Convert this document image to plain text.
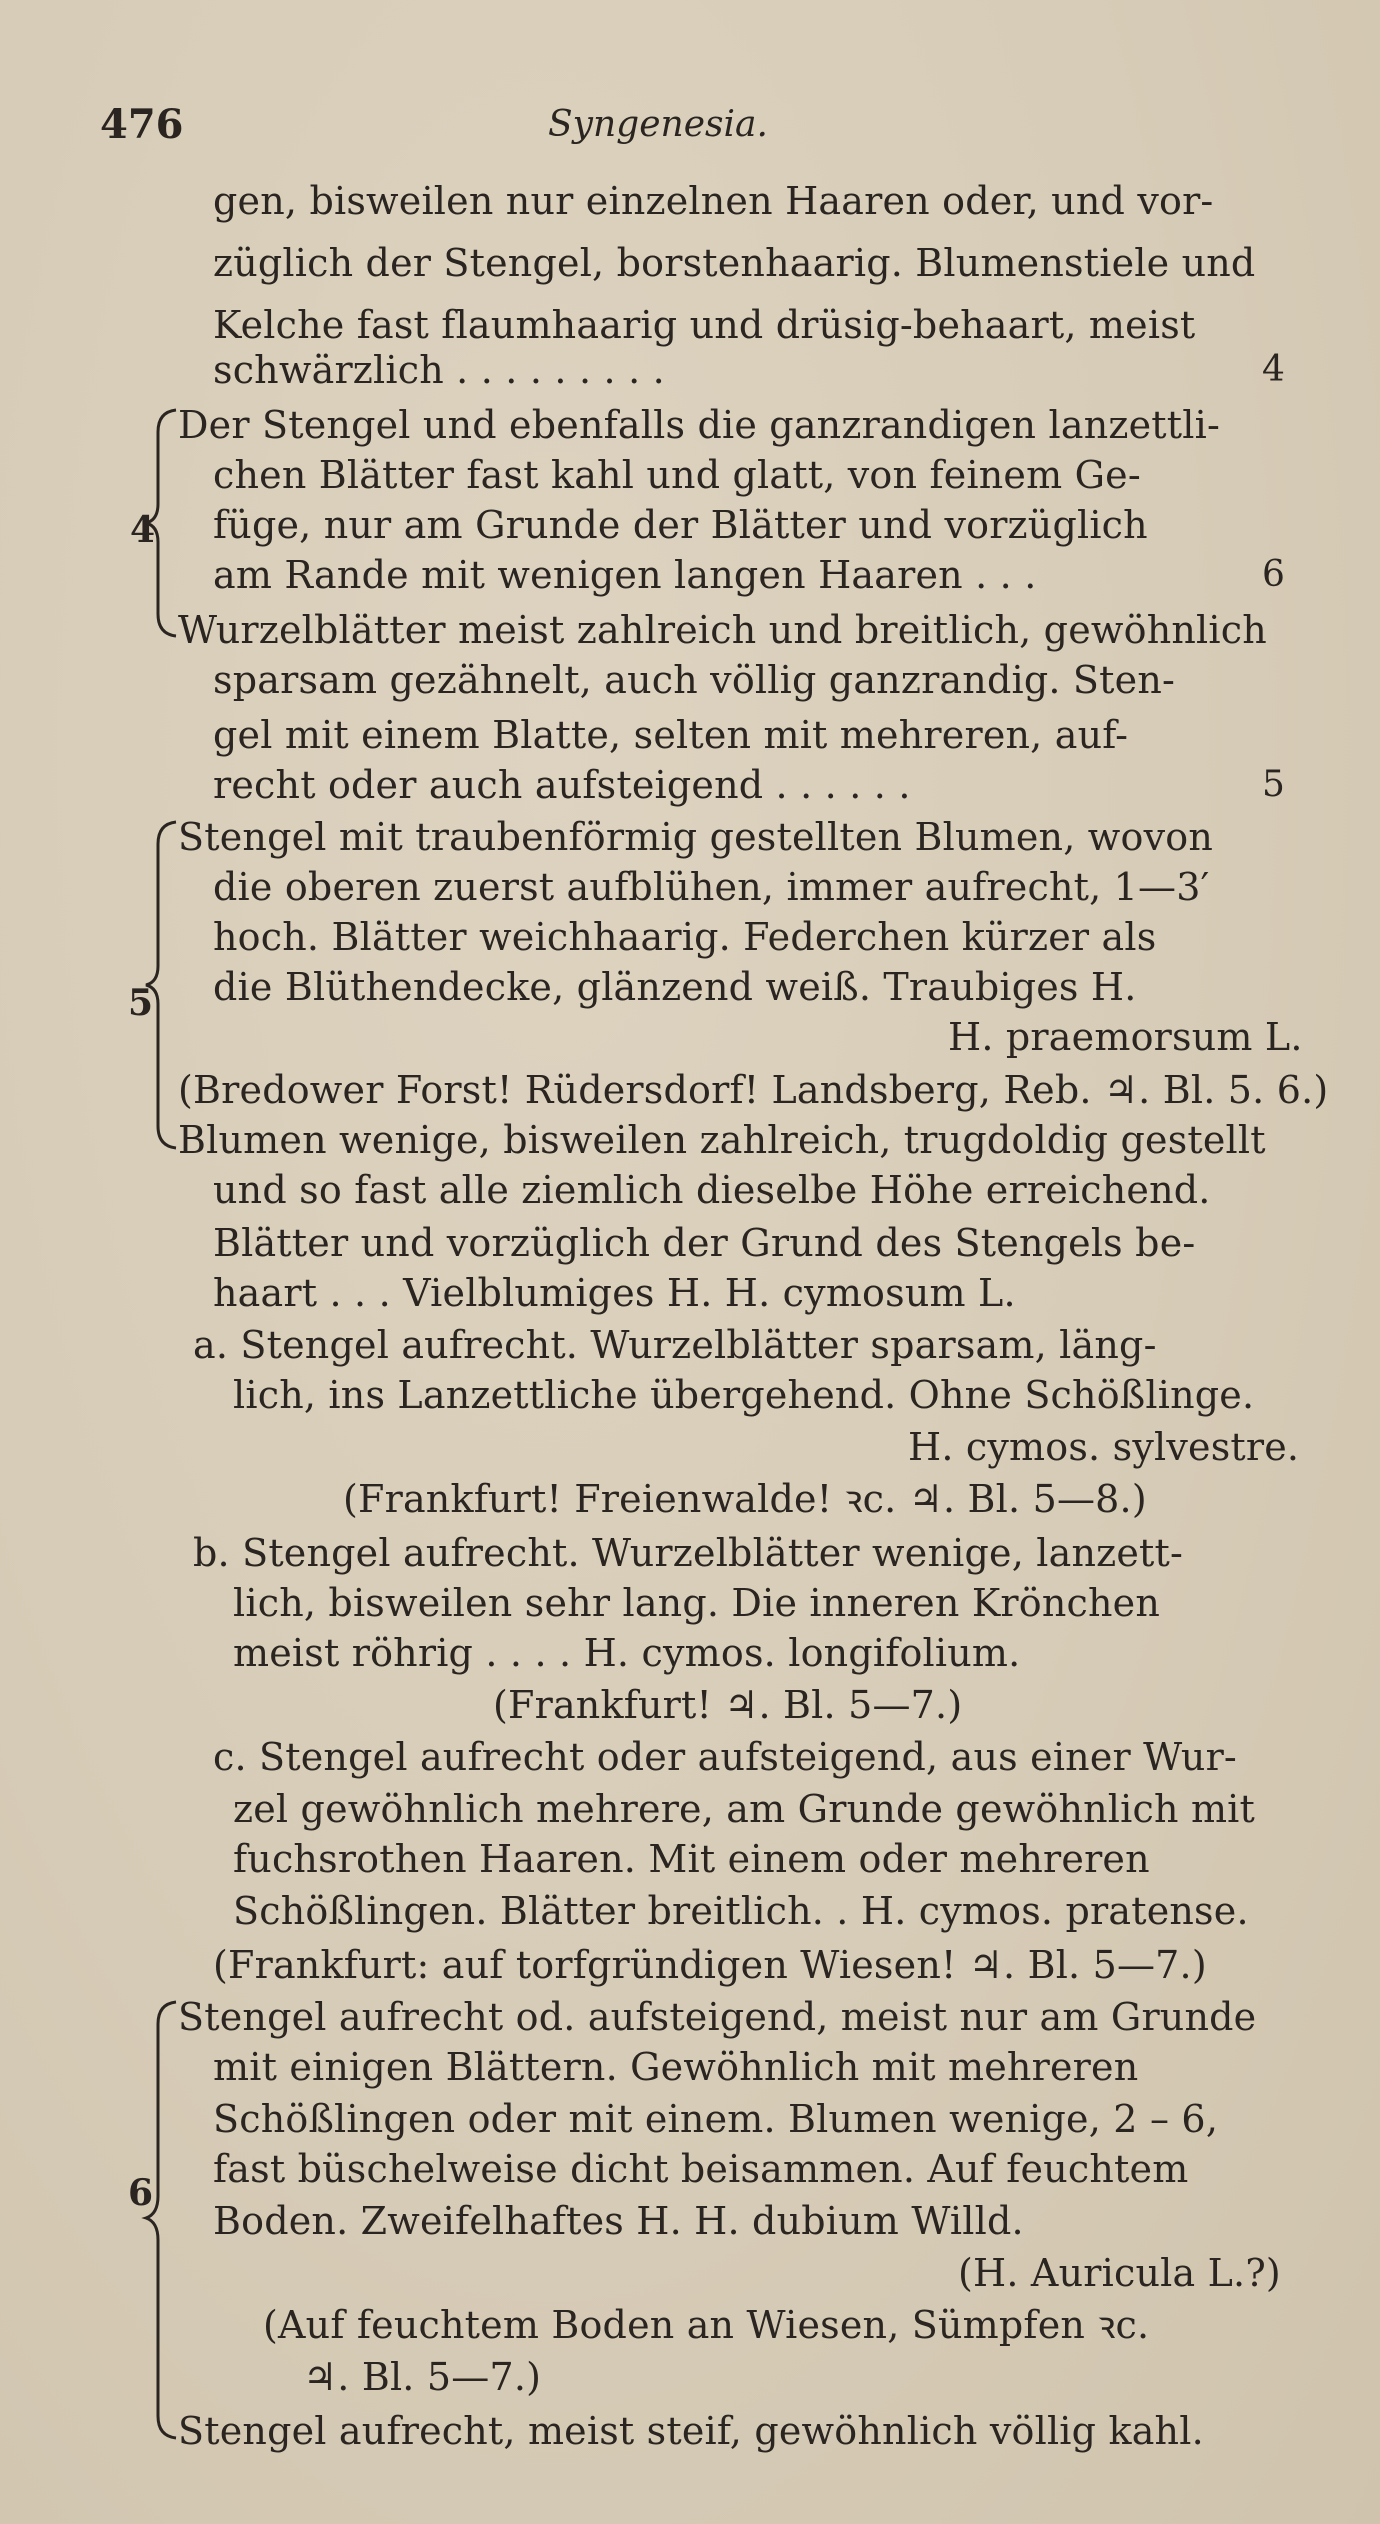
476	Syngenesia.
gen, bisweilen nur einzelnen Haaren oder, und vor-
züglich der Stengel, borstenhaarig. Blumenstiele und
Kelche fast flaumhaarig und drüsig-behaart, meist
schwärzlich . . . . . . . . .	4
Der Stengel und ebenfalls die ganzrandigen lanzettli-
chen Blätter fast kahl und glatt, von feinem Ge-
füge, nur am Grunde der Blätter und vorzüglich
am Rande mit wenigen langen Haaren . . .	6
Wurzelblätter meist zahlreich und breitlich, gewöhnlich
sparsam gezähnelt, auch völlig ganzrandig. Sten-
gel mit einem Blatte, selten mit mehreren, auf-
recht oder auch aufsteigend . . . . . .	5
Stengel mit traubenförmig gestellten Blumen, wovon
die oberen zuerst aufblühen, immer aufrecht, 1—3′
hoch. Blätter weichhaarig. Federchen kürzer als
die Blüthendecke, glänzend weiß. Traubiges H.
H. praemorsum L.
(Bredower Forst! Rüdersdorf! Landsberg, Reb. ♃. Bl. 5. 6.)
Blumen wenige, bisweilen zahlreich, trugdoldig gestellt
und so fast alle ziemlich dieselbe Höhe erreichend.
Blätter und vorzüglich der Grund des Stengels be-
haart . . . Vielblumiges H. H. cymosum L.
a. Stengel aufrecht. Wurzelblätter sparsam, läng-
lich, ins Lanzettliche übergehend. Ohne Schößlinge.
H. cymos. sylvestre.
(Frankfurt! Freienwalde! ꝛc. ♃. Bl. 5—8.)
b. Stengel aufrecht. Wurzelblätter wenige, lanzett-
lich, bisweilen sehr lang. Die inneren Krönchen
meist röhrig . . . . H. cymos. longifolium.
(Frankfurt! ♃. Bl. 5—7.)
c. Stengel aufrecht oder aufsteigend, aus einer Wur-
zel gewöhnlich mehrere, am Grunde gewöhnlich mit
fuchsrothen Haaren. Mit einem oder mehreren
Schößlingen. Blätter breitlich. . H. cymos. pratense.
(Frankfurt: auf torfgründigen Wiesen! ♃. Bl. 5—7.)
Stengel aufrecht od. aufsteigend, meist nur am Grunde
mit einigen Blättern. Gewöhnlich mit mehreren
Schößlingen oder mit einem. Blumen wenige, 2 – 6,
fast büschelweise dicht beisammen. Auf feuchtem
Boden. Zweifelhaftes H. H. dubium Willd.
(H. Auricula L.?)
(Auf feuchtem Boden an Wiesen, Sümpfen ꝛc.
♃. Bl. 5—7.)
Stengel aufrecht, meist steif, gewöhnlich völlig kahl.
4
5
6
